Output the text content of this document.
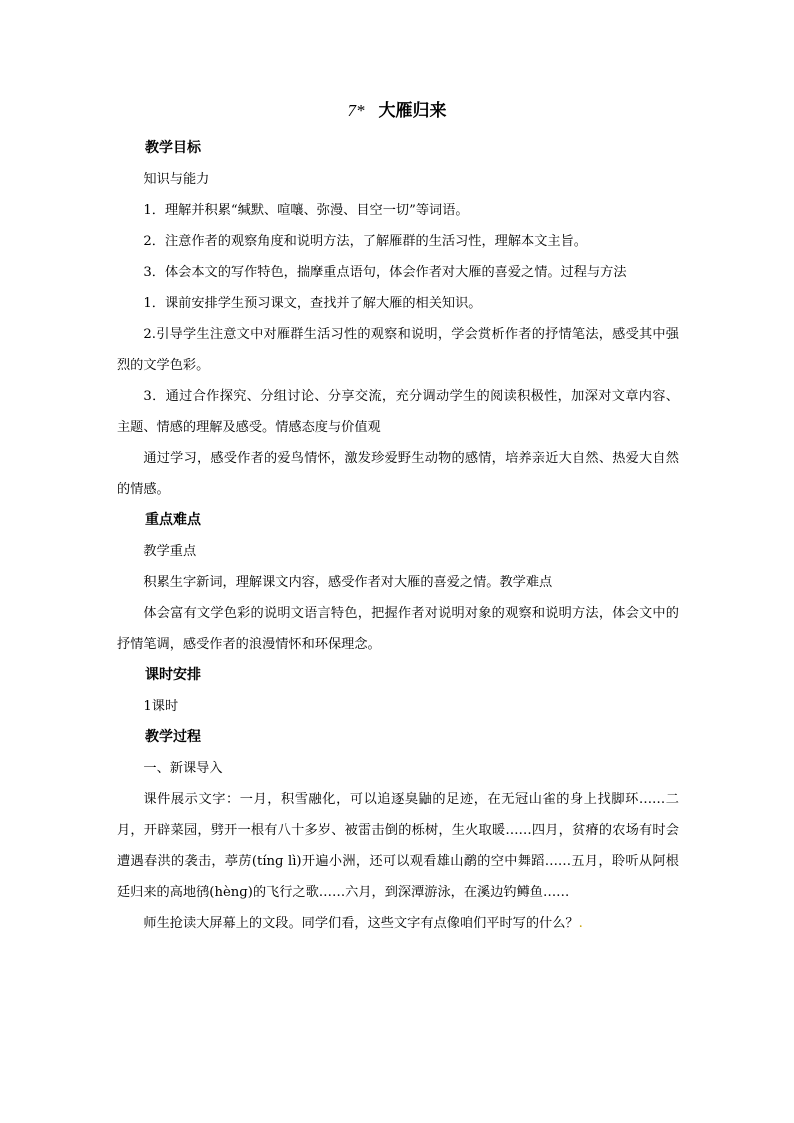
7* 大雁归来
教学目标

知识与能力

1．理解并积累“缄默、喧嚷、弥漫、目空一切”等词语。

2．注意作者的观察角度和说明方法，了解雁群的生活习性，理解本文主旨。

3．体会本文的写作特色，揣摩重点语句，体会作者对大雁的喜爱之情。过程与方法

1．课前安排学生预习课文，查找并了解大雁的相关知识。

2.引导学生注意文中对雁群生活习性的观察和说明，学会赏析作者的抒情笔法，感受其中强烈的文学色彩。

3．通过合作探究、分组讨论、分享交流，充分调动学生的阅读积极性，加深对文章内容、主题、情感的理解及感受。情感态度与价值观

通过学习，感受作者的爱鸟情怀，激发珍爱野生动物的感情，培养亲近大自然、热爱大自然的情感。

重点难点

教学重点

积累生字新词，理解课文内容，感受作者对大雁的喜爱之情。教学难点

体会富有文学色彩的说明文语言特色，把握作者对说明对象的观察和说明方法，体会文中的抒情笔调，感受作者的浪漫情怀和环保理念。

课时安排

1课时

教学过程

一、新课导入

课件展示文字：一月，积雪融化，可以追逐臭鼬的足迹，在无冠山雀的身上找脚环……二月，开辟菜园，劈开一根有八十多岁、被雷击倒的栎树，生火取暖……四月，贫瘠的农场有时会遭遇春洪的袭击，葶苈(tínɡ lì)开遍小洲，还可以观看雄山鹬的空中舞蹈……五月，聆听从阿根廷归来的高地鸻(hènɡ)的飞行之歌……六月，到深潭游泳，在溪边钓鳟鱼……

师生抢读大屏幕上的文段。同学们看，这些文字有点像咱们平时写的什么？.
